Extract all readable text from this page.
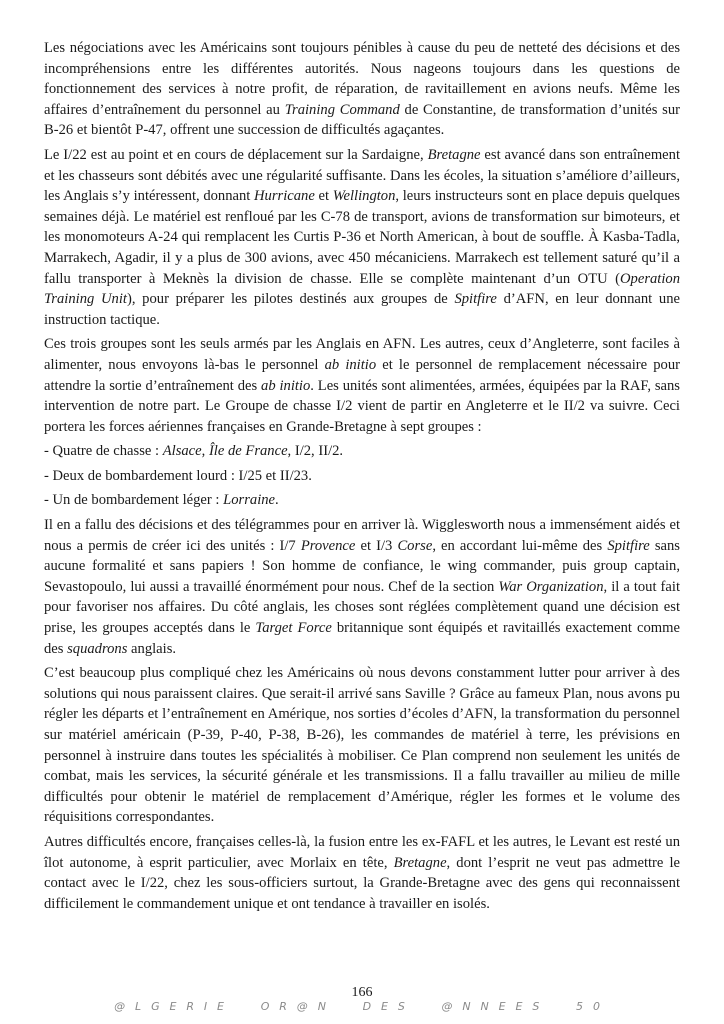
Les négociations avec les Américains sont toujours pénibles à cause du peu de netteté des décisions et des incompréhensions entre les différentes autorités. Nous nageons toujours dans les questions de fonctionnement des services à notre profit, de réparation, de ravitaillement en avions neufs. Même les affaires d’entraînement du personnel au Training Command de Constantine, de transformation d’unités sur B-26 et bientôt P-47, offrent une succession de difficultés agaçantes.

Le I/22 est au point et en cours de déplacement sur la Sardaigne, Bretagne est avancé dans son entraînement et les chasseurs sont débités avec une régularité suffisante. Dans les écoles, la situation s’améliore d’ailleurs, les Anglais s’y intéressent, donnant Hurricane et Wellington, leurs instructeurs sont en place depuis quelques semaines déjà. Le matériel est renfloué par les C-78 de transport, avions de transformation sur bimoteurs, et les monomoteurs A-24 qui remplacent les Curtis P-36 et North American, à bout de souffle. À Kasba-Tadla, Marrakech, Agadir, il y a plus de 300 avions, avec 450 mécaniciens. Marrakech est tellement saturé qu’il a fallu transporter à Meknès la division de chasse. Elle se complète maintenant d’un OTU (Operation Training Unit), pour préparer les pilotes destinés aux groupes de Spitfire d’AFN, en leur donnant une instruction tactique.

Ces trois groupes sont les seuls armés par les Anglais en AFN. Les autres, ceux d’Angleterre, sont faciles à alimenter, nous envoyons là-bas le personnel ab initio et le personnel de remplacement nécessaire pour attendre la sortie d’entraînement des ab initio. Les unités sont alimentées, armées, équipées par la RAF, sans intervention de notre part. Le Groupe de chasse I/2 vient de partir en Angleterre et le II/2 va suivre. Ceci portera les forces aériennes françaises en Grande-Bretagne à sept groupes :

- Quatre de chasse : Alsace, Île de France, I/2, II/2.

- Deux de bombardement lourd : I/25 et II/23.

- Un de bombardement léger : Lorraine.

Il en a fallu des décisions et des télégrammes pour en arriver là. Wigglesworth nous a immensément aidés et nous a permis de créer ici des unités : I/7 Provence et I/3 Corse, en accordant lui-même des Spitfire sans aucune formalité et sans papiers ! Son homme de confiance, le wing commander, puis group captain, Sevastopoulo, lui aussi a travaillé énormément pour nous. Chef de la section War Organization, il a tout fait pour favoriser nos affaires. Du côté anglais, les choses sont réglées complètement quand une décision est prise, les groupes acceptés dans le Target Force britannique sont équipés et ravitaillés exactement comme des squadrons anglais.

C’est beaucoup plus compliqué chez les Américains où nous devons constamment lutter pour arriver à des solutions qui nous paraissent claires. Que serait-il arrivé sans Saville ? Grâce au fameux Plan, nous avons pu régler les départs et l’entraînement en Amérique, nos sorties d’écoles d’AFN, la transformation du personnel sur matériel américain (P-39, P-40, P-38, B-26), les commandes de matériel à terre, les prévisions en personnel à instruire dans toutes les spécialités à mobiliser. Ce Plan comprend non seulement les unités de combat, mais les services, la sécurité générale et les transmissions. Il a fallu travailler au milieu de mille difficultés pour obtenir le matériel de remplacement d’Amérique, régler les formes et le volume des réquisitions correspondantes.

Autres difficultés encore, françaises celles-là, la fusion entre les ex-FAFL et les autres, le Levant est resté un îlot autonome, à esprit particulier, avec Morlaix en tête, Bretagne, dont l’esprit ne veut pas admettre le contact avec le I/22, chez les sous-officiers surtout, la Grande-Bretagne avec des gens qui reconnaissent difficilement le commandement unique et ont tendance à travailler en isolés.

166
@LGERIE  OR@N  DES  @NNEES  50
